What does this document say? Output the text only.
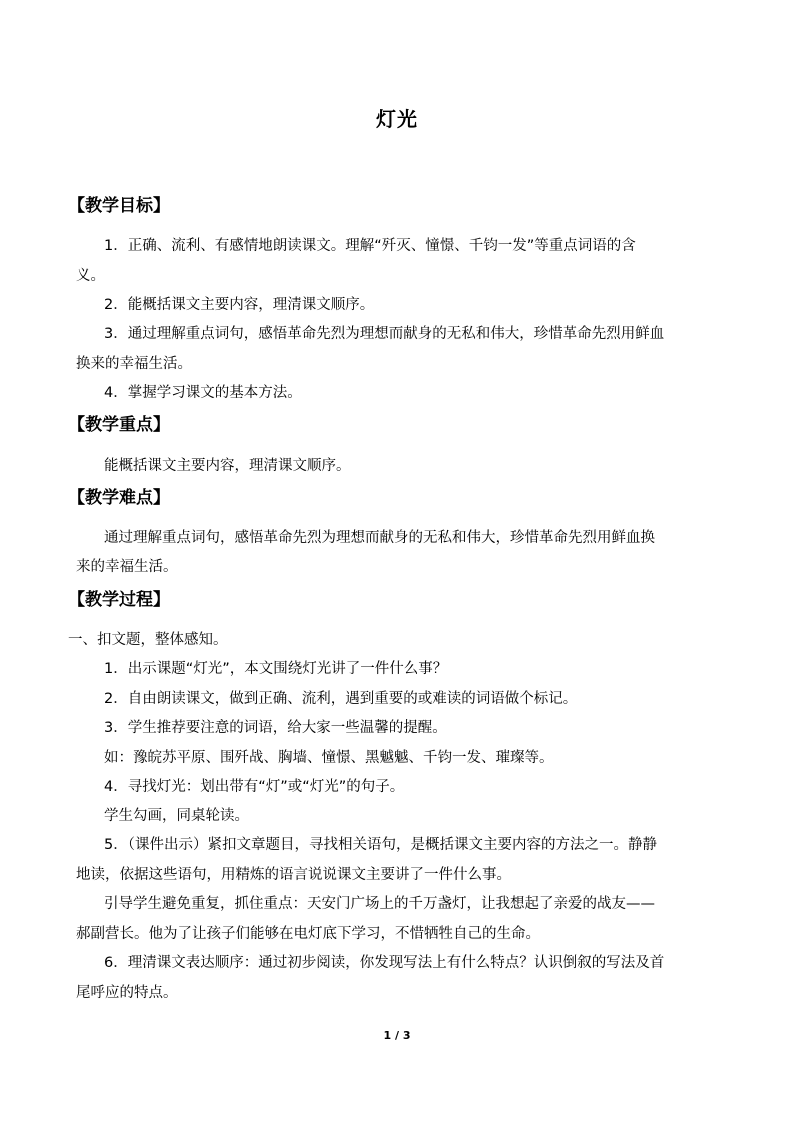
灯光
【教学目标】
1．正确、流利、有感情地朗读课文。理解“歼灭、憧憬、千钧一发”等重点词语的含
义。
2．能概括课文主要内容，理清课文顺序。
3．通过理解重点词句，感悟革命先烈为理想而献身的无私和伟大，珍惜革命先烈用鲜血
换来的幸福生活。
4．掌握学习课文的基本方法。
【教学重点】
能概括课文主要内容，理清课文顺序。
【教学难点】
通过理解重点词句，感悟革命先烈为理想而献身的无私和伟大，珍惜革命先烈用鲜血换
来的幸福生活。
【教学过程】
一、扣文题，整体感知。
1．出示课题“灯光”，本文围绕灯光讲了一件什么事？
2．自由朗读课文，做到正确、流利，遇到重要的或难读的词语做个标记。
3．学生推荐要注意的词语，给大家一些温馨的提醒。
如：豫皖苏平原、围歼战、胸墙、憧憬、黑魆魆、千钧一发、璀璨等。
4．寻找灯光：划出带有“灯”或“灯光”的句子。
学生勾画，同桌轮读。
5．（课件出示）紧扣文章题目，寻找相关语句，是概括课文主要内容的方法之一。静静
地读，依据这些语句，用精炼的语言说说课文主要讲了一件什么事。
引导学生避免重复，抓住重点：天安门广场上的千万盏灯，让我想起了亲爱的战友——
郝副营长。他为了让孩子们能够在电灯底下学习，不惜牺牲自己的生命。
6．理清课文表达顺序：通过初步阅读，你发现写法上有什么特点？认识倒叙的写法及首
尾呼应的特点。
1 / 3
